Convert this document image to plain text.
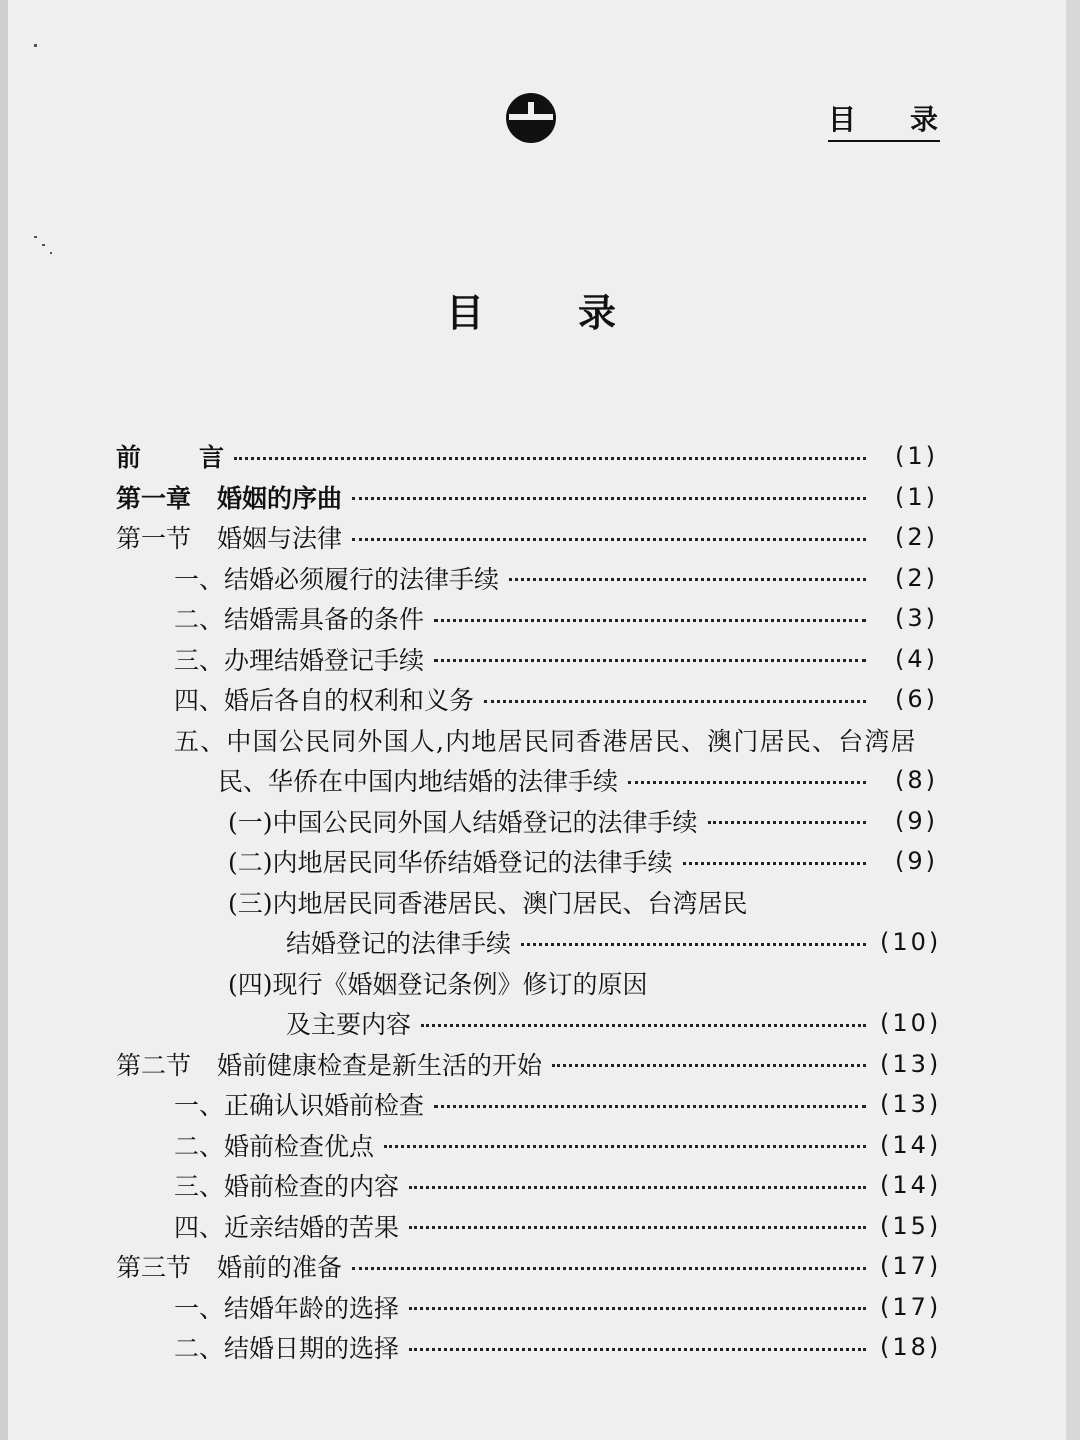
目 录
目 录
前 言	(1)
第一章 婚姻的序曲	(1)
第一节 婚姻与法律	(2)
一、结婚必须履行的法律手续	(2)
二、结婚需具备的条件	(3)
三、办理结婚登记手续	(4)
四、婚后各自的权利和义务	(6)
五、中国公民同外国人,内地居民同香港居民、澳门居民、台湾居
民、华侨在中国内地结婚的法律手续	(8)
(一)中国公民同外国人结婚登记的法律手续	(9)
(二)内地居民同华侨结婚登记的法律手续	(9)
(三)内地居民同香港居民、澳门居民、台湾居民
结婚登记的法律手续	(10)
(四)现行《婚姻登记条例》修订的原因
及主要内容	(10)
第二节 婚前健康检查是新生活的开始	(13)
一、正确认识婚前检查	(13)
二、婚前检查优点	(14)
三、婚前检查的内容	(14)
四、近亲结婚的苦果	(15)
第三节 婚前的准备	(17)
一、结婚年龄的选择	(17)
二、结婚日期的选择	(18)
